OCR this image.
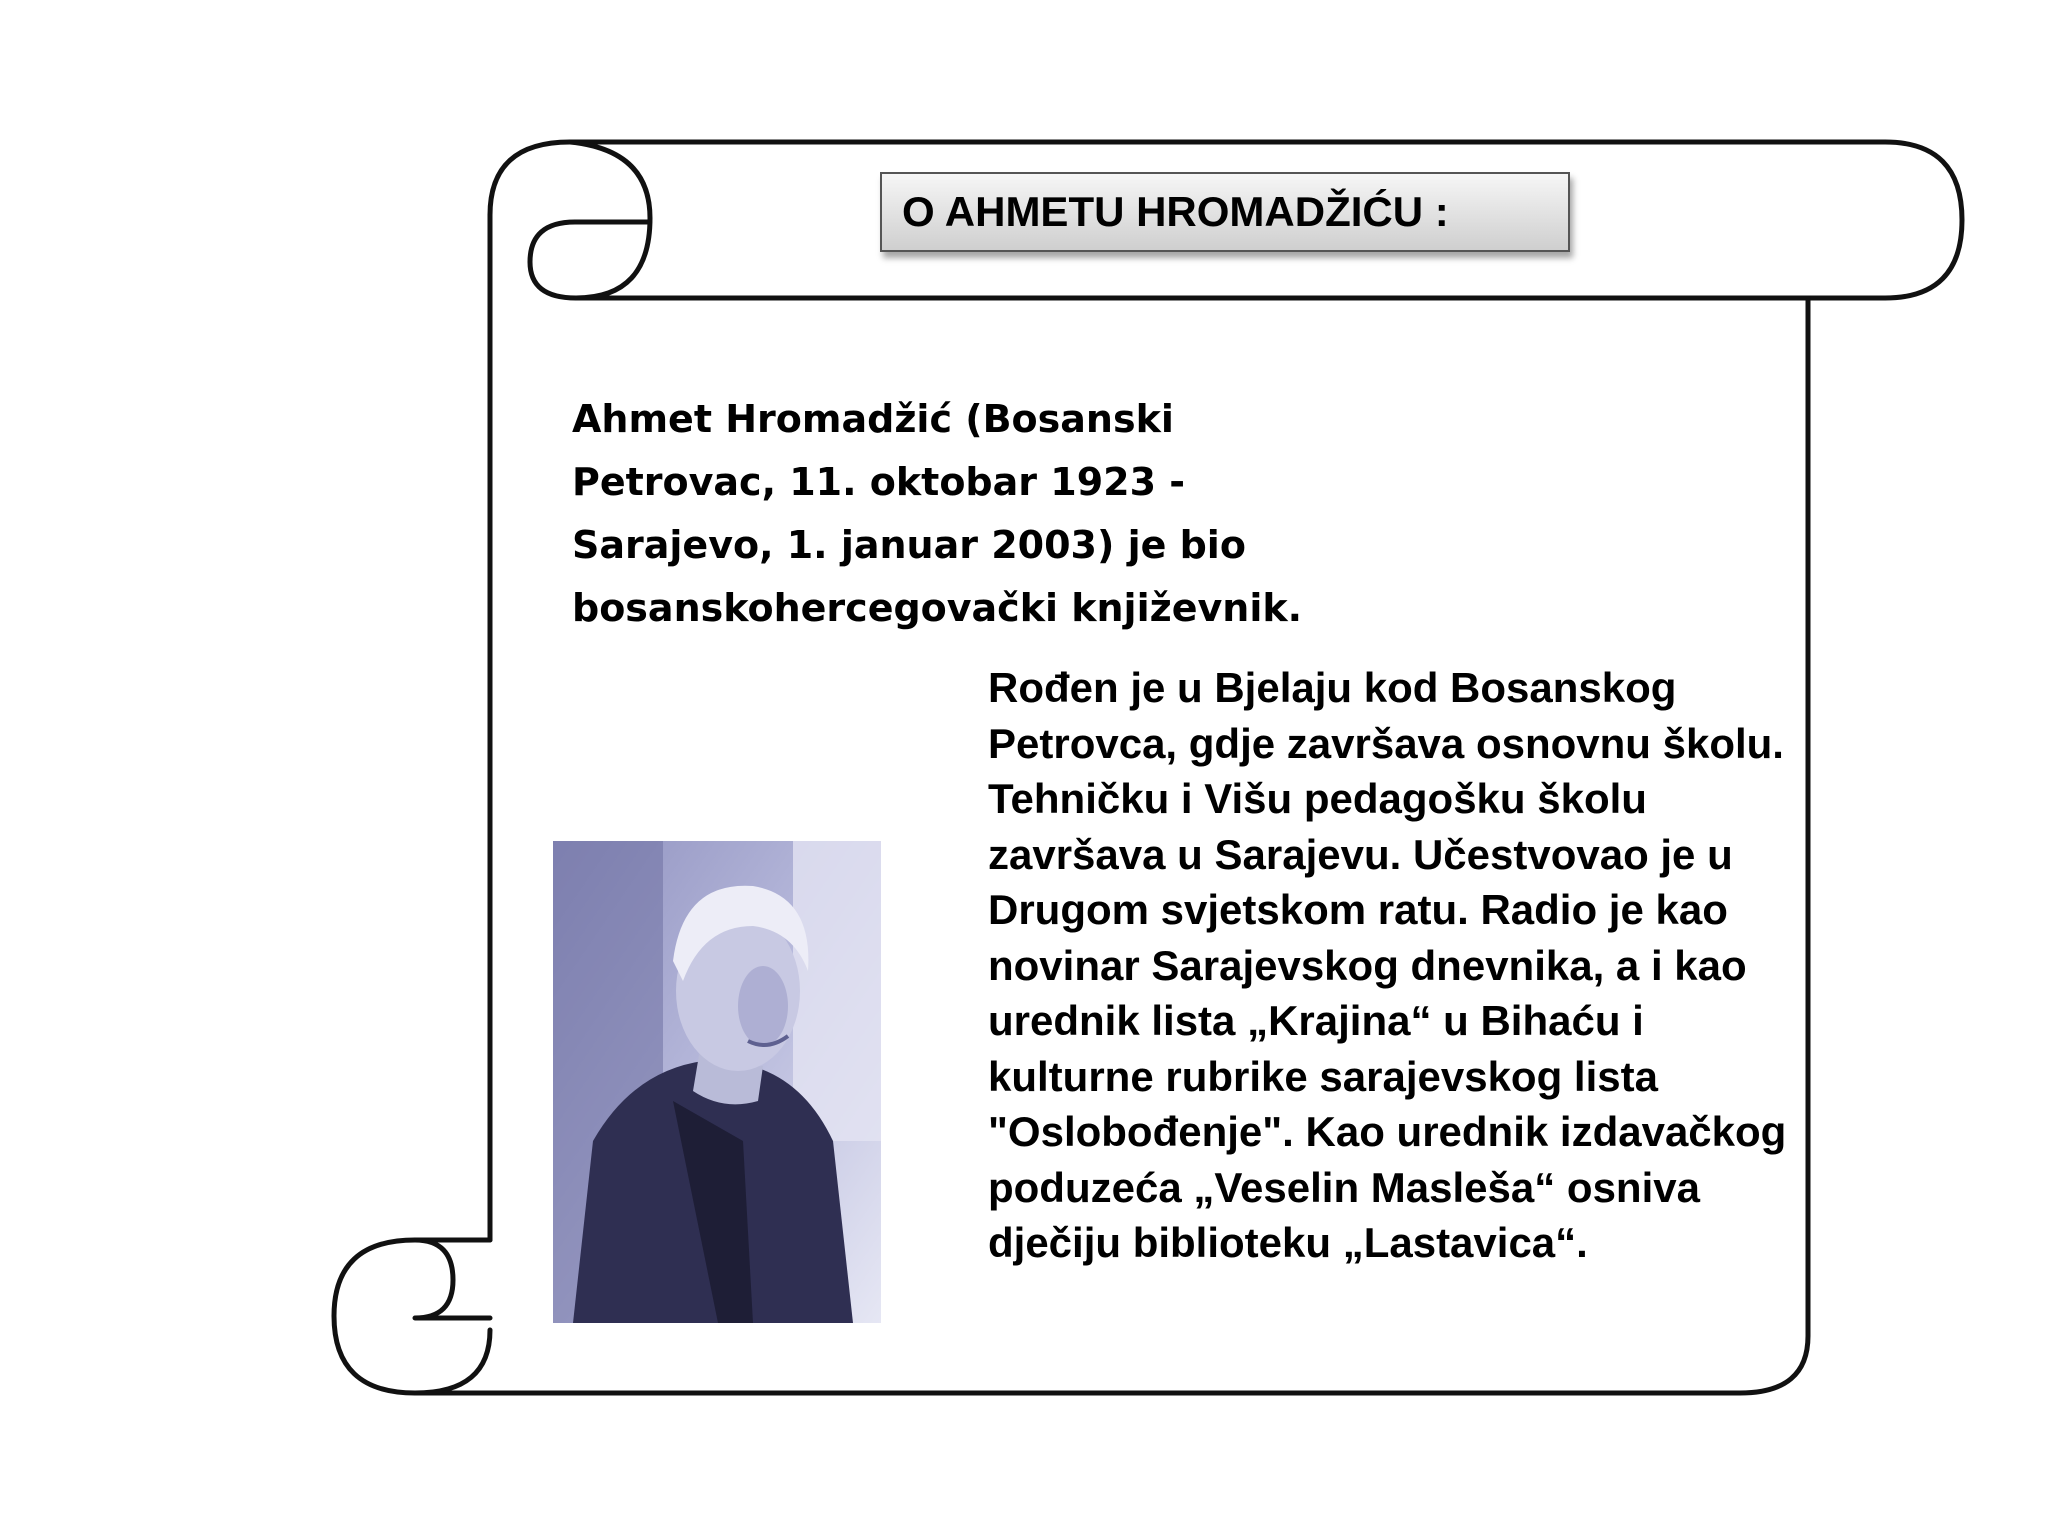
O AHMETU HROMADŽIĆU :
Ahmet Hromadžić (Bosanski Petrovac, 11. oktobar 1923 - Sarajevo, 1. januar 2003) je bio bosanskohercegovački književnik.
Rođen je u Bjelaju kod Bosanskog Petrovca, gdje završava osnovnu školu. Tehničku i Višu pedagošku školu završava u Sarajevu. Učestvovao je u Drugom svjetskom ratu. Radio je kao novinar Sarajevskog dnevnika, a i kao urednik lista „Krajina“ u Bihaću i kulturne rubrike sarajevskog lista "Oslobođenje". Kao urednik izdavačkog poduzeća „Veselin Masleša“ osniva dječiju biblioteku „Lastavica“.
